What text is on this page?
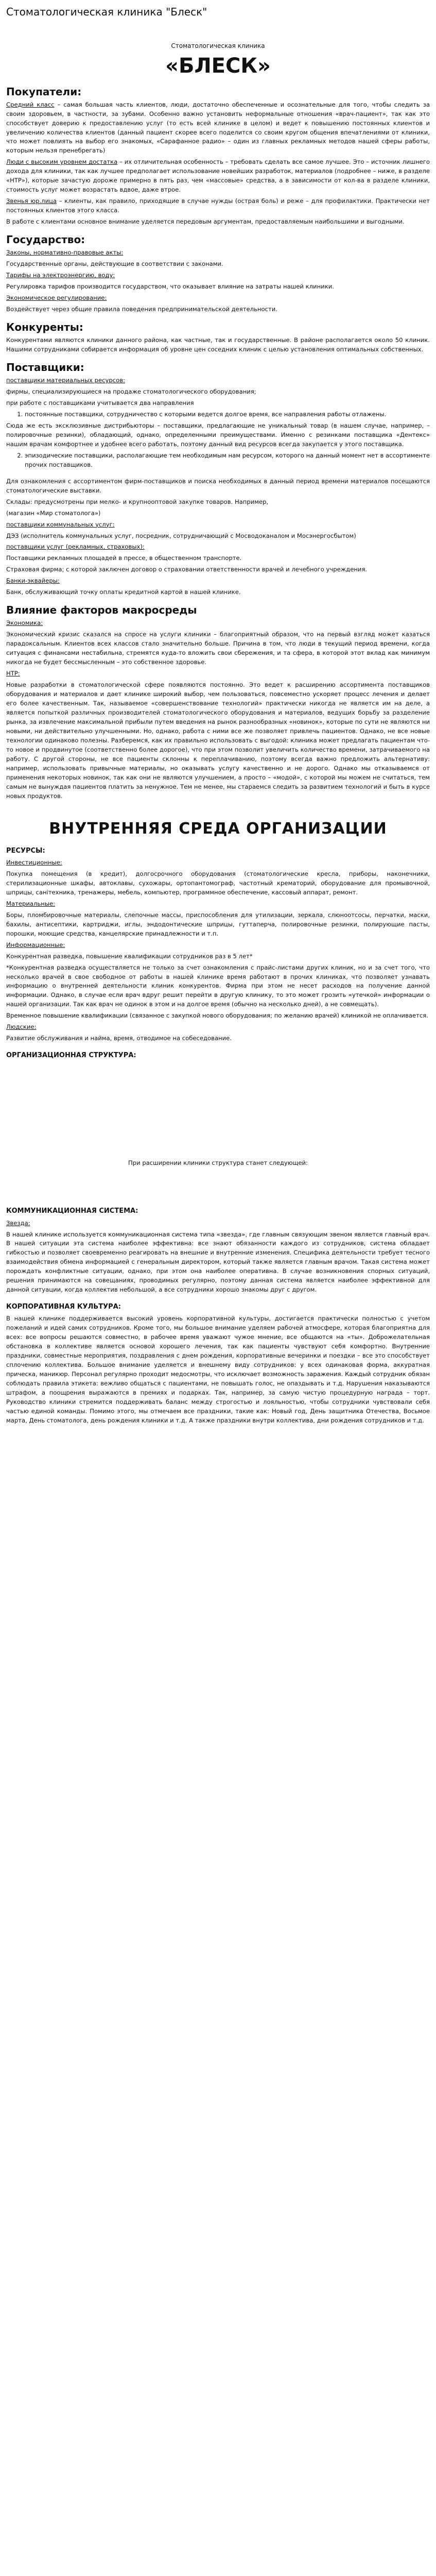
Стоматологическая клиника "Блеск"
Стоматологическая клиника
«БЛЕСК»
Покупатели:

Средний класс – самая большая часть клиентов, люди, достаточно обеспеченные и осознательные для того, чтобы следить за своим здоровьем, в частности, за зубами. Особенно важно установить неформальные отношения «врач-пациент», так как это способствует доверию к предоставлению услуг (то есть всей клинике в целом) и ведет к повышению постоянных клиентов и увеличению количества клиентов (данный пациент скорее всего поделится со своим кругом общения впечатлениями от клиники, что может повлиять на выбор его знакомых, «Сарафанное радио» – один из главных рекламных методов нашей сферы работы, которым нельзя пренебрегать)

Люди с высоким уровнем достатка – их отличительная особенность – требовать сделать все самое лучшее. Это – источник лишнего дохода для клиники, так как лучшее предполагает использование новейших разработок, материалов (подробнее – ниже, в разделе «НТР»), которые зачастую дороже примерно в пять раз, чем «массовые» средства, а в зависимости от кол-ва в разделе клиники, стоимость услуг может возрастать вдвое, даже втрое.

Звенья юр.лица – клиенты, как правило, приходящие в случае нужды (острая боль) и реже – для профилактики. Практически нет постоянных клиентов этого класса.

В работе с клиентами основное внимание уделяется передовым аргументам, предоставляемым наибольшими и выгодными.

Государство:

Законы, нормативно-правовые акты:

Государственные органы, действующие в соответствии с законами.

Тарифы на электроэнергию, воду:

Регулировка тарифов производится государством, что оказывает влияние на затраты нашей клиники.

Экономическое регулирование:

Воздействует через общие правила поведения предпринимательской деятельности.

Конкуренты:

Конкурентами являются клиники данного района, как частные, так и государственные. В районе располагается около 50 клиник. Нашими сотрудниками собирается информация об уровне цен соседних клиник с целью установления оптимальных собственных.

Поставщики:

поставщики материальных ресурсов:

фирмы, специализирующиеся на продаже стоматологического оборудования;

при работе с поставщиками учитывается два направления

1. постоянные поставщики, сотрудничество с которыми ведется долгое время, все направления работы отлажены.

Сюда же есть эксклюзивные дистрибьюторы – поставщики, предлагающие не уникальный товар (в нашем случае, например, – полировочные резинки), обладающий, однако, определенными преимуществами. Именно с резинками поставщика «Дентекс» нашим врачам комфортнее и удобнее всего работать, поэтому данный вид ресурсов всегда закупается у этого поставщика.

2. эпизодические поставщики, располагающие тем необходимым нам ресурсом, которого на данный момент нет в ассортименте прочих поставщиков.

Для ознакомления с ассортиментом фирм-поставщиков и поиска необходимых в данный период времени материалов посещаются стоматологические выставки.

Склады: предусмотрены при мелко- и крупнооптовой закупке товаров. Например,

(магазин «Мир стоматолога»)

поставщики коммунальных услуг:

ДЭЗ (исполнитель коммунальных услуг, посредник, сотрудничающий с Мосводоканалом и Мосэнергосбытом)

поставщики услуг (рекламных, страховых):

Поставщики рекламных площадей в прессе, в общественном транспорте.

Страховая фирма; с которой заключен договор о страховании ответственности врачей и лечебного учреждения.

Банки-эквайеры:

Банк, обслуживающий точку оплаты кредитной картой в нашей клинике.

Влияние факторов макросреды

Экономика:

Экономический кризис сказался на спросе на услуги клиники – благоприятный образом, что на первый взгляд может казаться парадоксальным. Клиентов всех классов стало значительно больше. Причина в том, что люди в текущий период времени, когда ситуация с финансами нестабильна, стремятся куда-то вложить свои сбережения, и та сфера, в которой этот вклад как минимум никогда не будет бессмысленным – это собственное здоровье.

НТР:

Новые разработки в стоматологической сфере появляются постоянно. Это ведет к расширению ассортимента поставщиков оборудования и материалов и дает клинике широкий выбор, чем пользоваться, повсеместно ускоряет процесс лечения и делает его более качественным. Так, называемое «совершенствование технологий» практически никогда не является им на деле, а является попыткой различных производителей стоматологического оборудования и материалов, ведущих борьбу за разделение рынка, за извлечение максимальной прибыли путем введения на рынок разнообразных «новинок», которые по сути не являются ни новыми, ни действительно улучшенными. Но, однако, работа с ними все же позволяет привлечь пациентов. Однако, не все новые технологии одинаково полезны. Разберемся, как их правильно использовать с выгодой: клиника может предлагать пациентам что-то новое и продвинутое (соответственно более дорогое), что при этом позволит увеличить количество времени, затрачиваемого на работу. С другой стороны, не все пациенты склонны к переплачиванию, поэтому всегда важно предложить альтернативу: например, использовать привычные материалы, но оказывать услугу качественно и не дорого. Однако мы отказываемся от применения некоторых новинок, так как они не являются улучшением, а просто – «модой», с которой мы можем не считаться, тем самым не вынуждая пациентов платить за ненужное. Тем не менее, мы стараемся следить за развитием технологий и быть в курсе новых продуктов.

ВНУТРЕННЯЯ СРЕДА ОРГАНИЗАЦИИ
РЕСУРСЫ:

Инвестиционные:

Покупка помещения (в кредит), долгосрочного оборудования (стоматологические кресла, приборы, наконечники, стерилизационные шкафы, автоклавы, сухожары, ортопантомограф, частотный крематорий, оборудование для промывочной, шприцы, санітехника, тренажеры, мебель, компьютер, программное обеспечение, кассовый аппарат, ремонт.

Материальные:

Боры, пломбировочные материалы, слепочные массы, приспособления для утилизации, зеркала, слюноотсосы, перчатки, маски, бахилы, антисептики, картриджи, иглы, эндодонтические шприцы, гуттаперча, полировочные резинки, полирующие пасты, порошки, моющие средства, канцелярские принадлежности и т.п.

Информационные:

Конкурентная разведка, повышение квалификации сотрудников раз в 5 лет*

*Конкурентная разведка осуществляется не только за счет ознакомления с прайс-листами других клиник, но и за счет того, что несколько врачей в свое свободное от работы в нашей клинике время работают в прочих клиниках, что позволяет узнавать информацию о внутренней деятельности клиник конкурентов. Фирма при этом не несет расходов на получение данной информации. Однако, в случае если врач вдруг решит перейти в другую клинику, то это может грозить «утечкой» информации о нашей организации. Так как врач не одинок в этом и на долгое время (обычно на несколько дней), а не совмещать).

Временное повышение квалификации (связанное с закупкой нового оборудования; по желанию врачей) клиникой не оплачивается.

Людские:

Развитие обслуживания и найма, время, отводимое на собеседование.

ОРГАНИЗАЦИОННАЯ СТРУКТУРА:

При расширении клиники структура станет следующей:

КОММУНИКАЦИОННАЯ СИСТЕМА:

Звезда:

В нашей клинике используется коммуникационная система типа «звезда», где главным связующим звеном является главный врач. В нашей ситуации эта система наиболее эффективна: все знают обязанности каждого из сотрудников, система обладает гибкостью и позволяет своевременно реагировать на внешние и внутренние изменения. Специфика деятельности требует тесного взаимодействия обмена информацией с генеральным директором, который также является главным врачом. Такая система может порождать конфликтные ситуации, однако, при этом она наиболее оперативна. В случае возникновения спорных ситуаций, решения принимаются на совещаниях, проводимых регулярно, поэтому данная система является наиболее эффективной для данной ситуации, когда коллектив небольшой, а все сотрудники хорошо знакомы друг с другом.

КОРПОРАТИВНАЯ КУЛЬТУРА:

В нашей клинике поддерживается высокий уровень корпоративной культуры, достигается практически полностью с учетом пожеланий и идей самих сотрудников. Кроме того, мы большое внимание уделяем рабочей атмосфере, которая благоприятна для всех: все вопросы решаются совместно, в рабочее время уважают чужое мнение, все общаются на «ты». Доброжелательная обстановка в коллективе является основой хорошего лечения, так как пациенты чувствуют себя комфортно. Внутренние праздники, совместные мероприятия, поздравления с днем рождения, корпоративные вечеринки и поездки – все это способствует сплочению коллектива. Большое внимание уделяется и внешнему виду сотрудников: у всех одинаковая форма, аккуратная прическа, маникюр. Персонал регулярно проходит медосмотры, что исключает возможность заражения. Каждый сотрудник обязан соблюдать правила этикета: вежливо общаться с пациентами, не повышать голос, не опаздывать и т.д. Нарушения наказываются штрафом, а поощрения выражаются в премиях и подарках. Так, например, за самую чистую процедурную награда – торт. Руководство клиники стремится поддерживать баланс между строгостью и лояльностью, чтобы сотрудники чувствовали себя частью единой команды. Помимо этого, мы отмечаем все праздники, такие как: Новый год, День защитника Отечества, Восьмое марта, День стоматолога, день рождения клиники и т.д. А также праздники внутри коллектива, дни рождения сотрудников и т.д.
